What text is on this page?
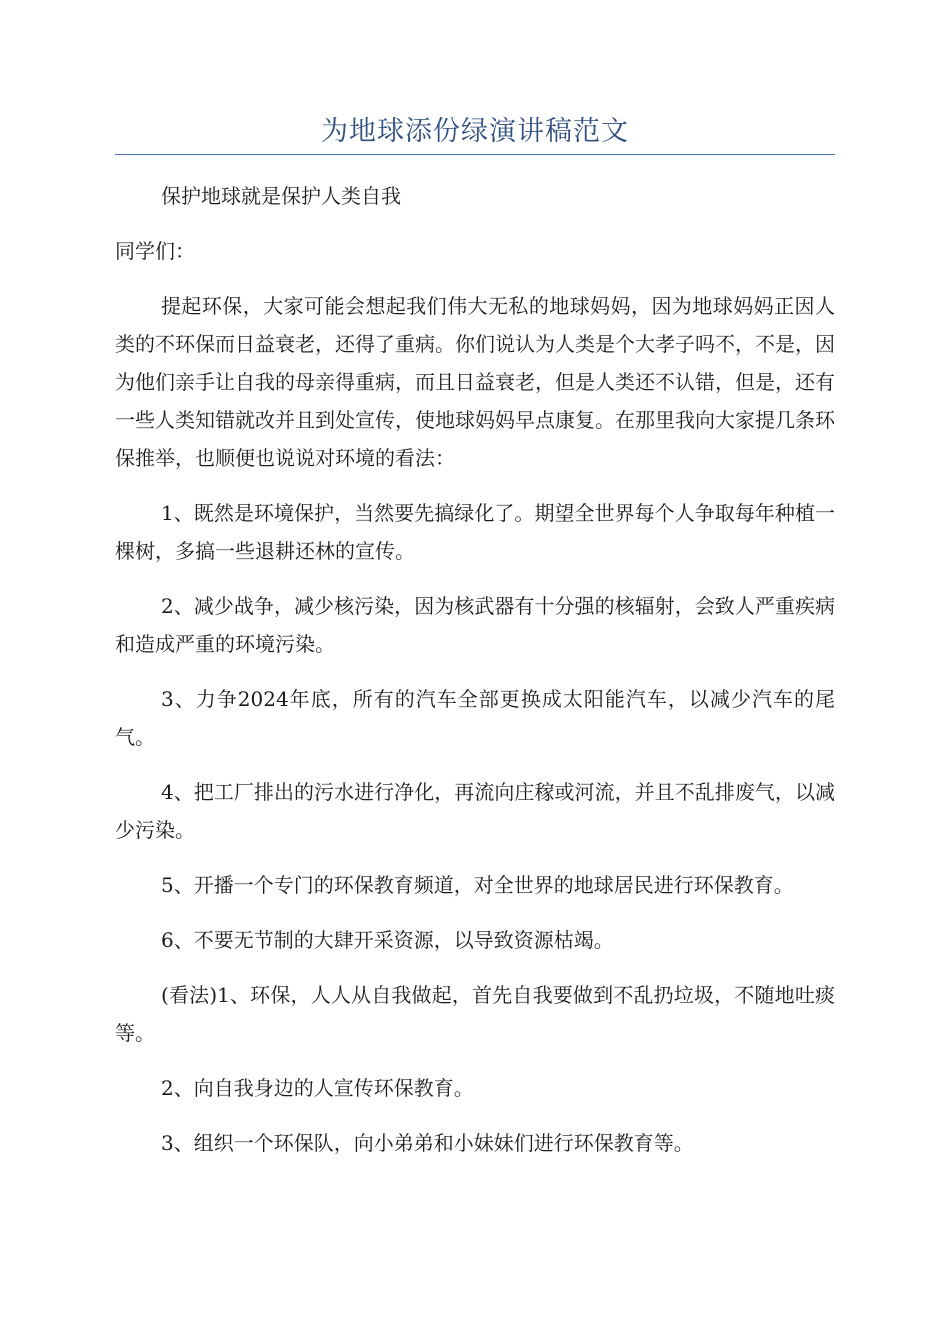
为地球添份绿演讲稿范文

保护地球就是保护人类自我

同学们：

提起环保，大家可能会想起我们伟大无私的地球妈妈，因为地球妈妈正因人类的不环保而日益衰老，还得了重病。你们说认为人类是个大孝子吗不，不是，因为他们亲手让自我的母亲得重病，而且日益衰老，但是人类还不认错，但是，还有一些人类知错就改并且到处宣传，使地球妈妈早点康复。在那里我向大家提几条环保推举，也顺便也说说对环境的看法：

1、既然是环境保护，当然要先搞绿化了。期望全世界每个人争取每年种植一棵树，多搞一些退耕还林的宣传。

2、减少战争，减少核污染，因为核武器有十分强的核辐射，会致人严重疾病和造成严重的环境污染。

3、力争2024年底，所有的汽车全部更换成太阳能汽车，以减少汽车的尾气。

4、把工厂排出的污水进行净化，再流向庄稼或河流，并且不乱排废气，以减少污染。

5、开播一个专门的环保教育频道，对全世界的地球居民进行环保教育。

6、不要无节制的大肆开采资源，以导致资源枯竭。

(看法)1、环保，人人从自我做起，首先自我要做到不乱扔垃圾，不随地吐痰等。

2、向自我身边的人宣传环保教育。

3、组织一个环保队，向小弟弟和小妹妹们进行环保教育等。
